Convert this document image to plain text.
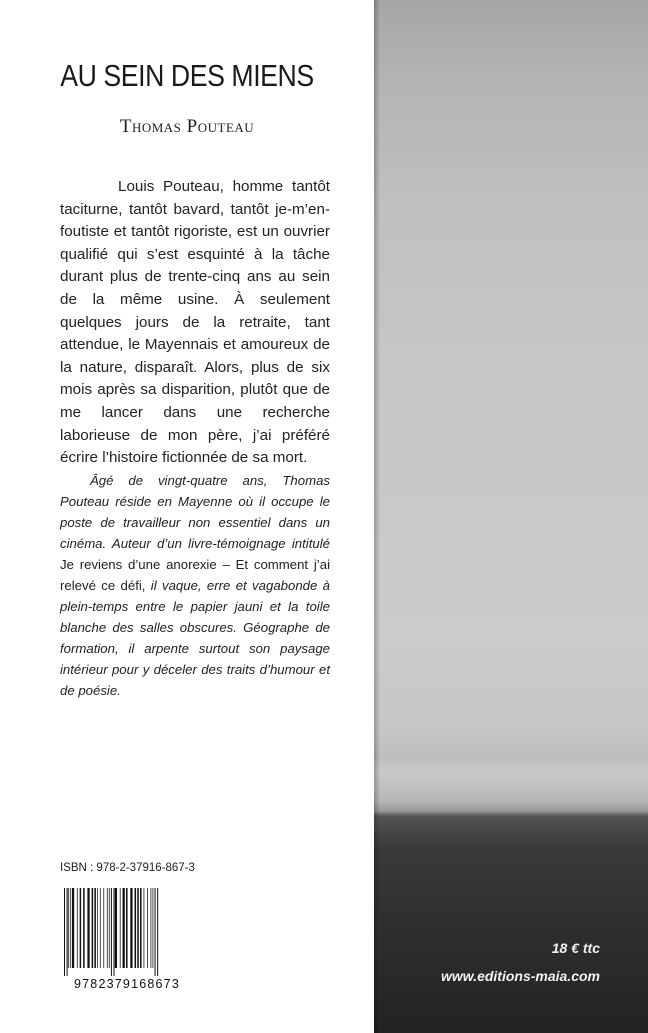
AU SEIN DES MIENS
Thomas Pouteau
Louis Pouteau, homme tantôt taciturne, tantôt bavard, tantôt je-m’en-foutiste et tantôt rigoriste, est un ouvrier qualifié qui s’est esquinté à la tâche durant plus de trente-cinq ans au sein de la même usine. À seulement quelques jours de la retraite, tant attendue, le Mayennais et amoureux de la nature, disparaît. Alors, plus de six mois après sa disparition, plutôt que de me lancer dans une recherche laborieuse de mon père, j’ai préféré écrire l’histoire fictionnée de sa mort.
Âgé de vingt-quatre ans, Thomas Pouteau réside en Mayenne où il occupe le poste de travailleur non essentiel dans un cinéma. Auteur d’un livre-témoignage intitulé Je reviens d’une anorexie – Et comment j’ai relevé ce défi, il vaque, erre et vagabonde à plein-temps entre le papier jauni et la toile blanche des salles obscures. Géographe de formation, il arpente surtout son paysage intérieur pour y déceler des traits d’humour et de poésie.
ISBN : 978-2-37916-867-3
9782379168673
18 € ttc
www.editions-maia.com
